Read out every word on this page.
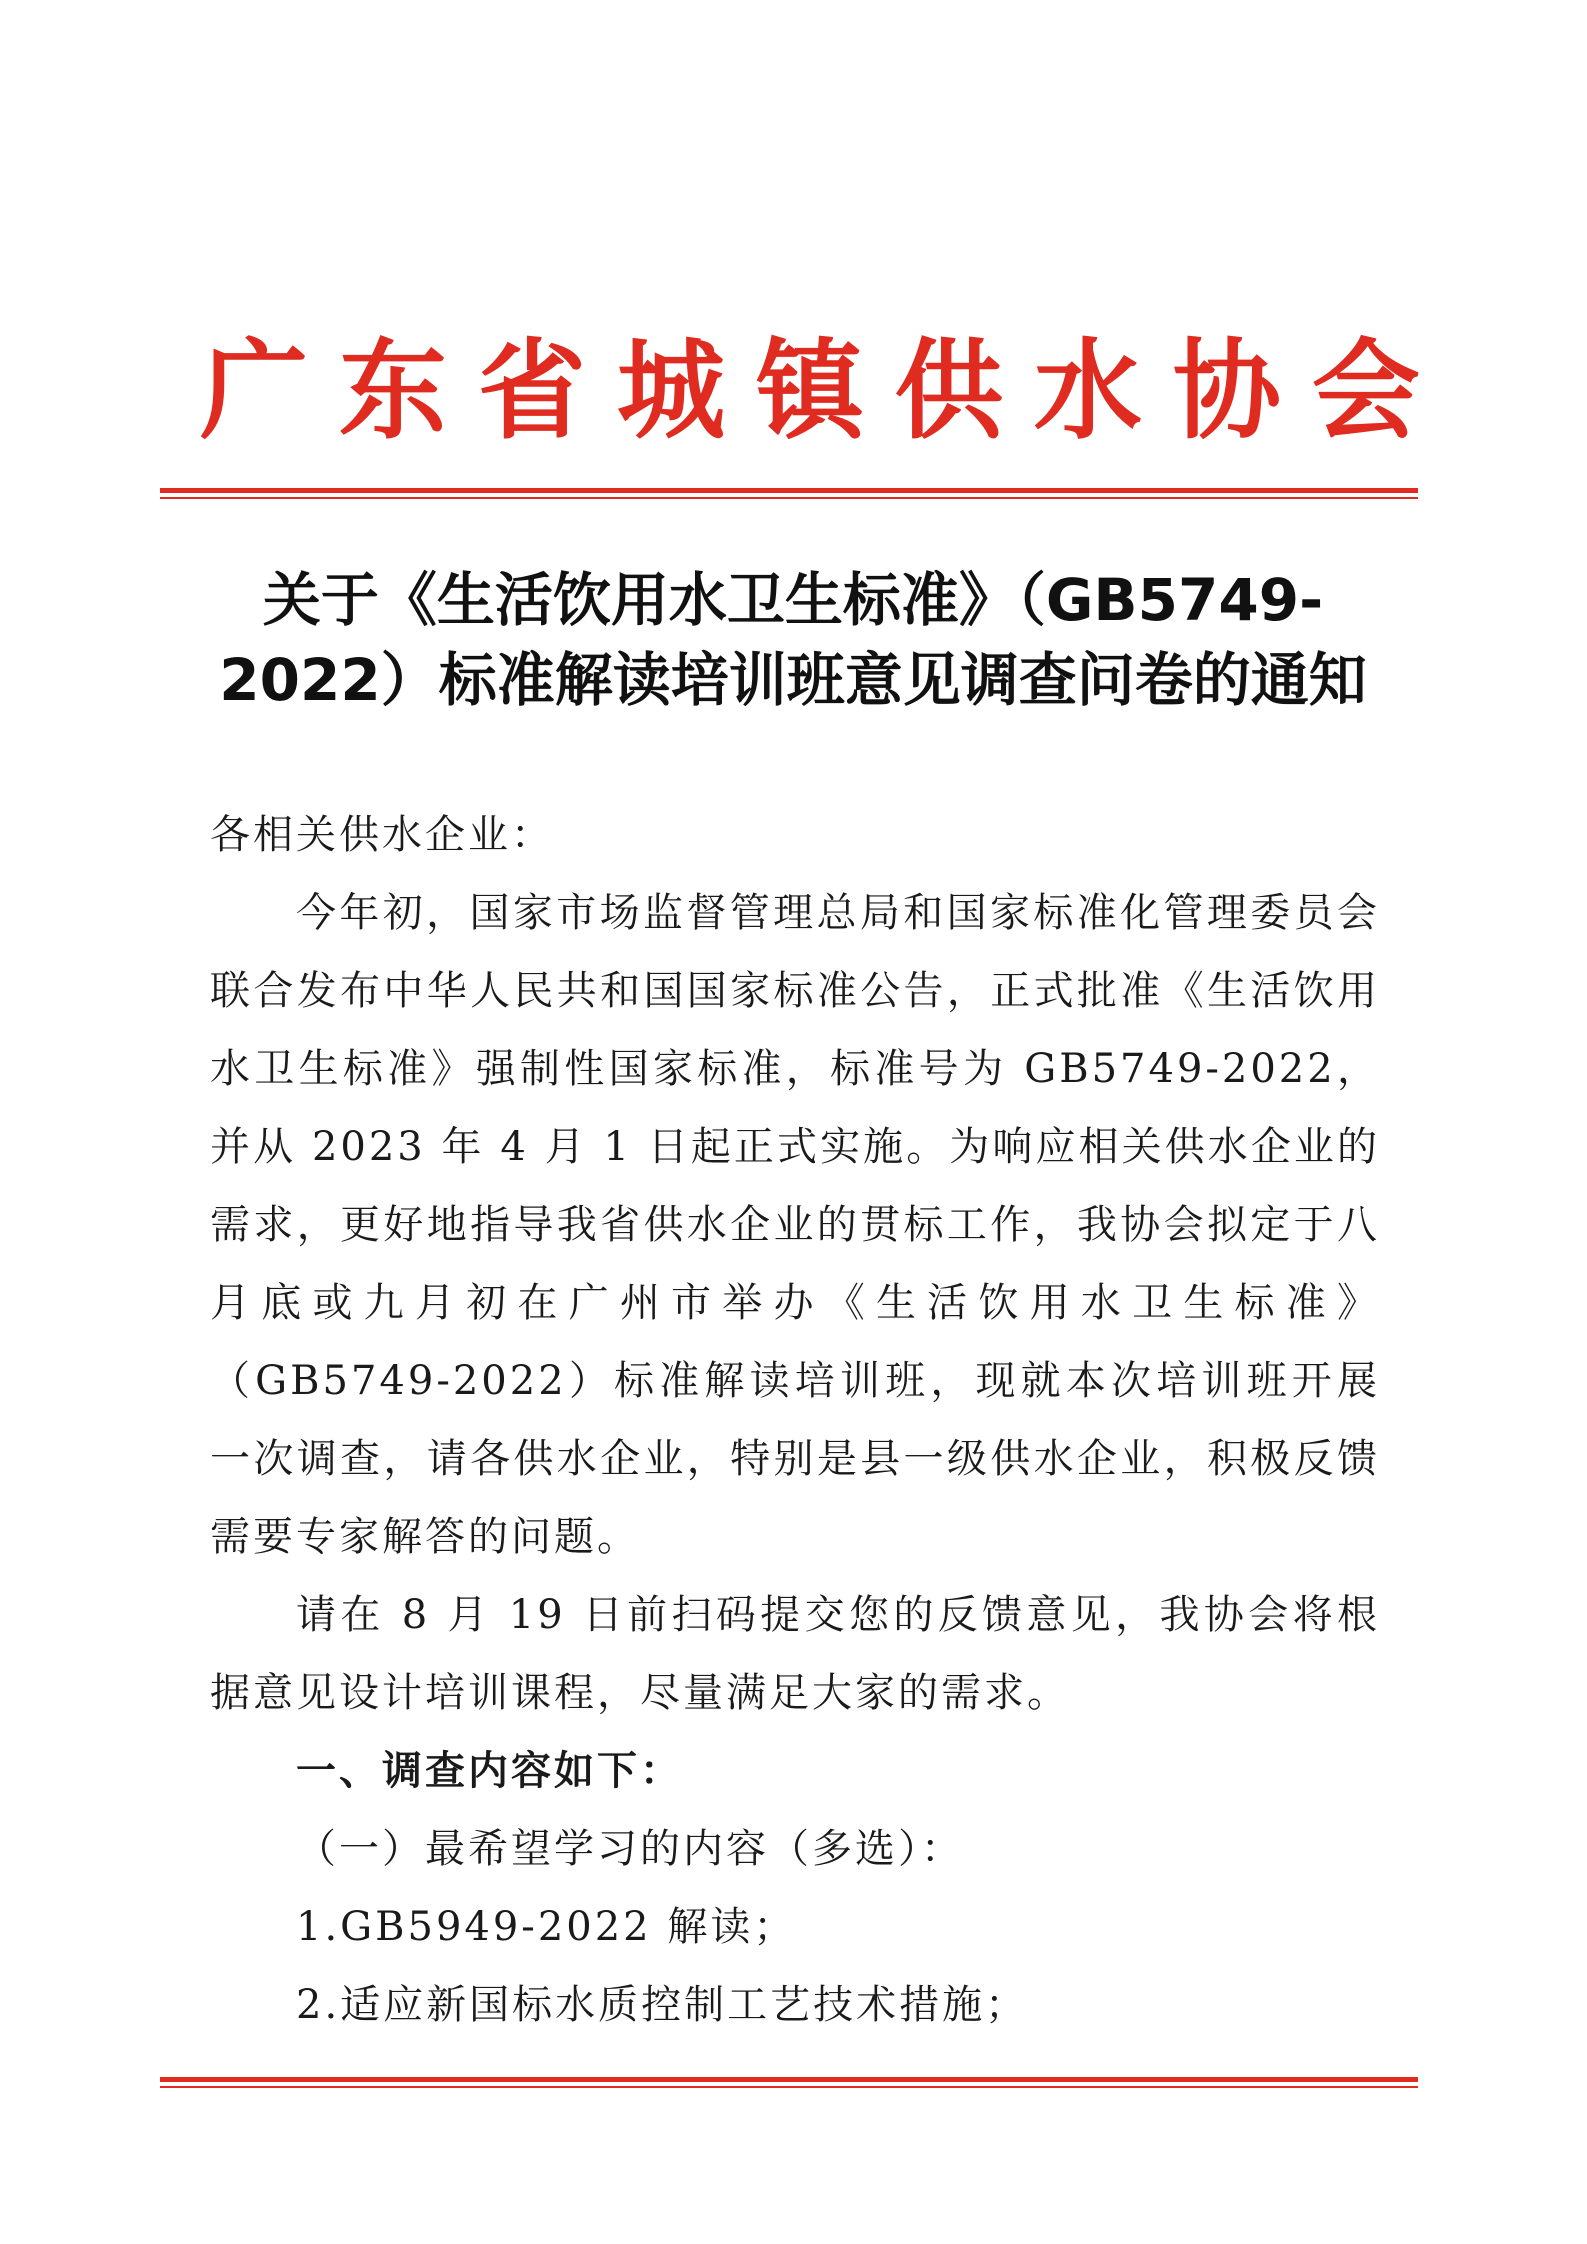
广 东 省 城 镇 供 水 协 会
关于《生活饮用水卫生标准》（GB5749-
2022）标准解读培训班意见调查问卷的通知

各相关供水企业：

今年初，国家市场监督管理总局和国家标准化管理委员会联合发布中华人民共和国国家标准公告，正式批准《生活饮用水卫生标准》强制性国家标准，标准号为 GB5749-2022，并从 2023 年 4 月 1 日起正式实施。为响应相关供水企业的需求，更好地指导我省供水企业的贯标工作，我协会拟定于八月底或九月初在广州市举办《生活饮用水卫生标准》（GB5749-2022）标准解读培训班，现就本次培训班开展一次调查，请各供水企业，特别是县一级供水企业，积极反馈需要专家解答的问题。

请在 8 月 19 日前扫码提交您的反馈意见，我协会将根据意见设计培训课程，尽量满足大家的需求。

一、调查内容如下：

（一）最希望学习的内容（多选）：

1.GB5949-2022 解读；

2.适应新国标水质控制工艺技术措施；
